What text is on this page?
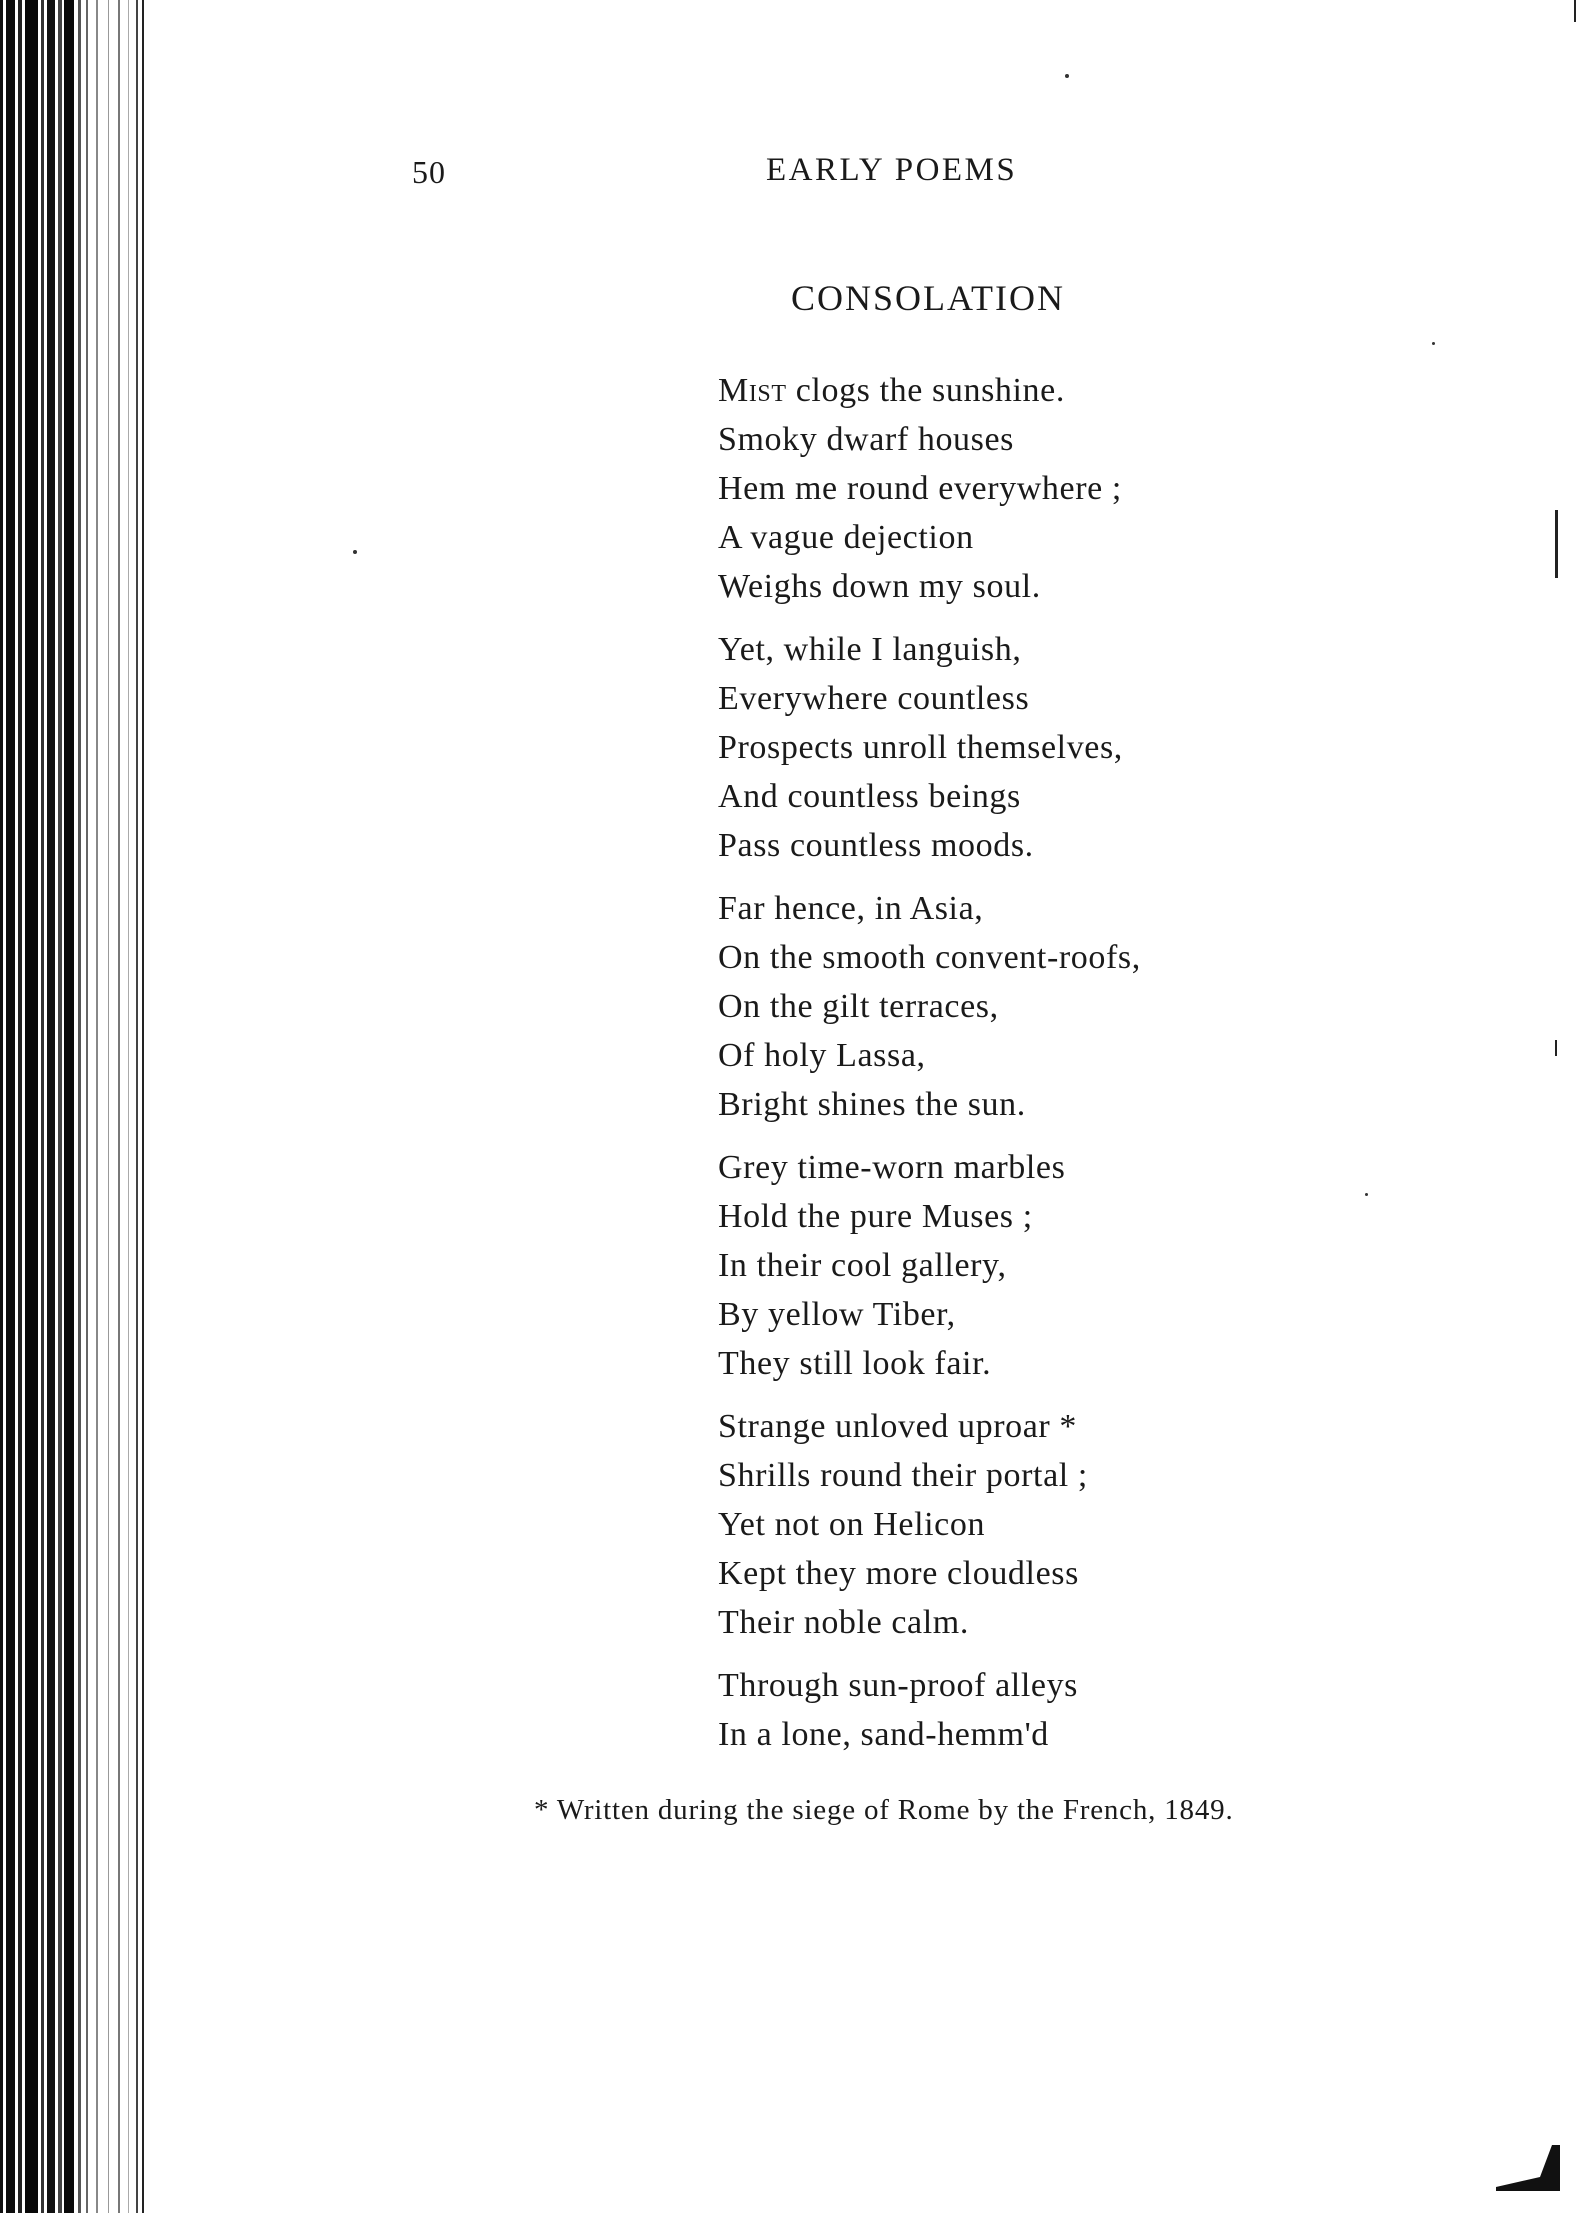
50	EARLY POEMS
CONSOLATION
Mist clogs the sunshine.
Smoky dwarf houses
Hem me round everywhere ;
A vague dejection
Weighs down my soul.
Yet, while I languish,
Everywhere countless
Prospects unroll themselves,
And countless beings
Pass countless moods.
Far hence, in Asia,
On the smooth convent-roofs,
On the gilt terraces,
Of holy Lassa,
Bright shines the sun.
Grey time-worn marbles
Hold the pure Muses ;
In their cool gallery,
By yellow Tiber,
They still look fair.
Strange unloved uproar *
Shrills round their portal ;
Yet not on Helicon
Kept they more cloudless
Their noble calm.
Through sun-proof alleys
In a lone, sand-hemm'd
* Written during the siege of Rome by the French, 1849.
